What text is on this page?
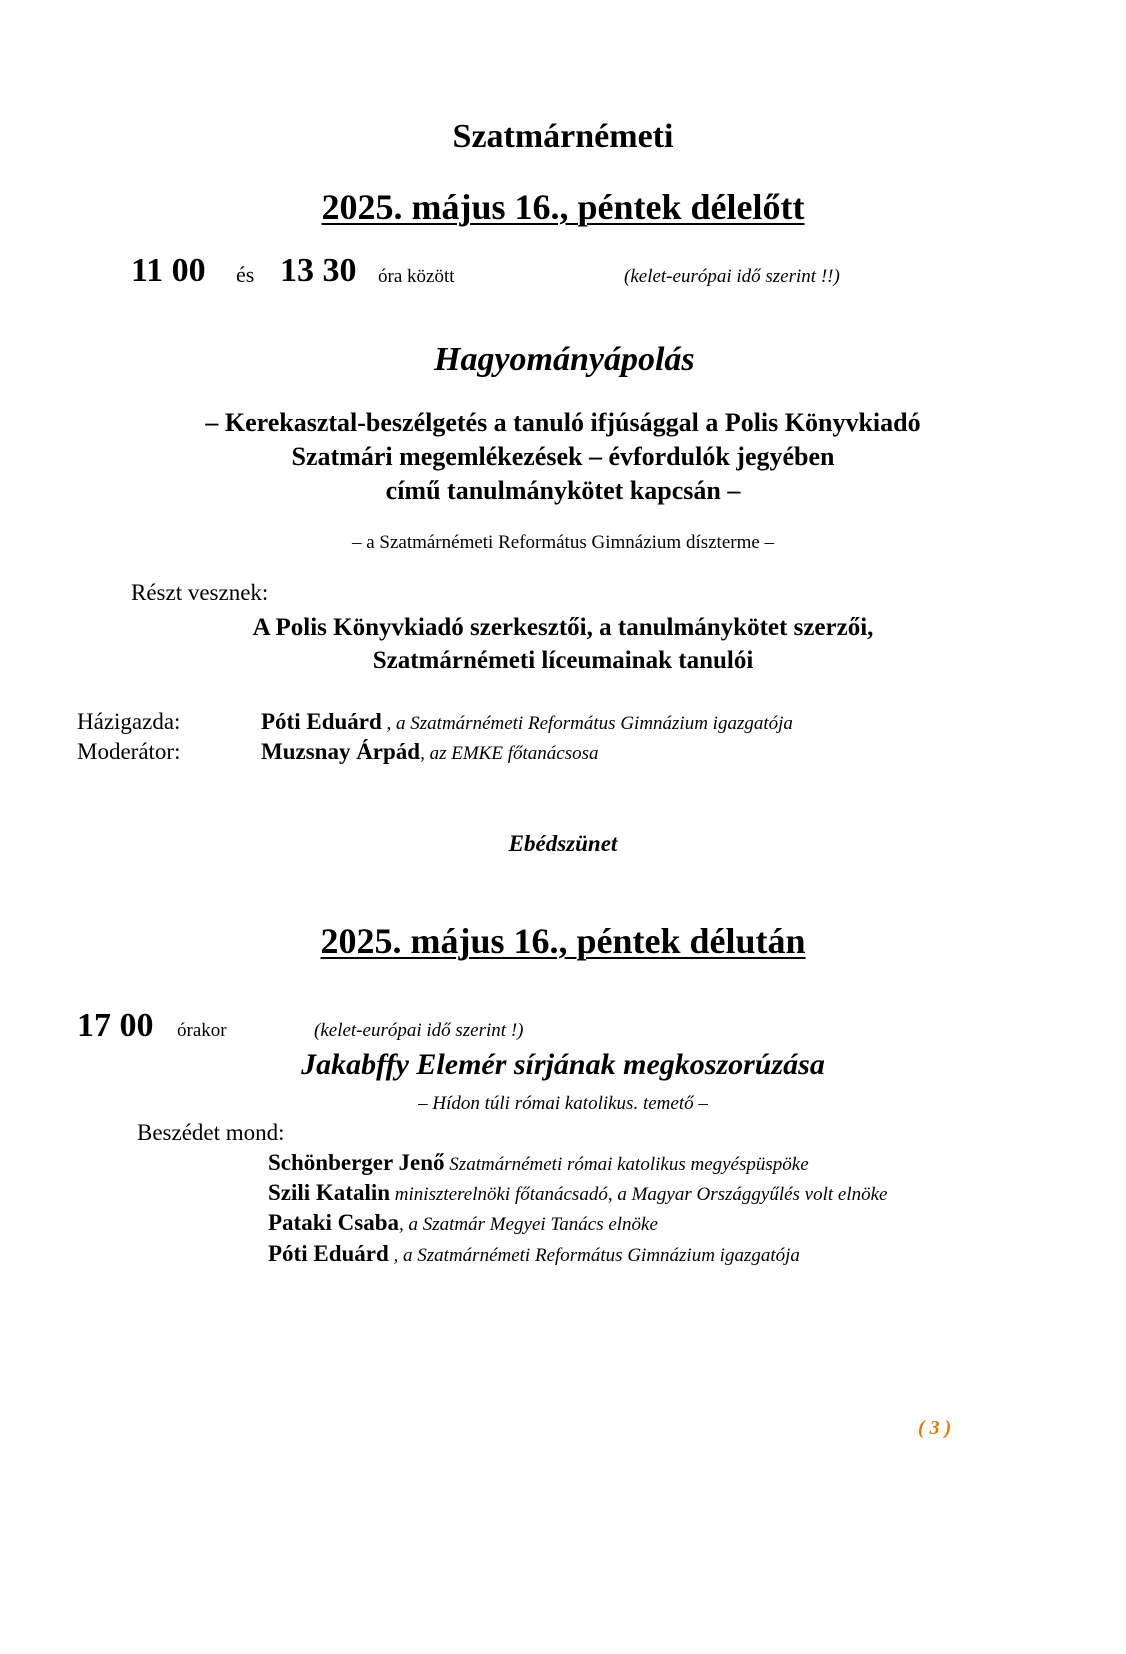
Szatmárnémeti
2025. május 16., péntek délelőtt
11 00 és 13 30 óra között	(kelet-európai idő szerint !!)
Hagyományápolás
– Kerekasztal-beszélgetés a tanuló ifjúsággal a Polis Könyvkiadó
Szatmári megemlékezések – évfordulók jegyében
című tanulmánykötet kapcsán –
– a Szatmárnémeti Református Gimnázium díszterme –
Részt vesznek:
A Polis Könyvkiadó szerkesztői, a tanulmánykötet szerzői,
Szatmárnémeti líceumainak tanulói
Házigazda:	Póti Eduárd , a Szatmárnémeti Református Gimnázium igazgatója
Moderátor:	Muzsnay Árpád, az EMKE főtanácsosa
Ebédszünet
2025. május 16., péntek délután
17 00 órakor	(kelet-európai idő szerint !)
Jakabffy Elemér sírjának megkoszorúzása
– Hídon túli római katolikus. temető –
Beszédet mond:
Schönberger Jenő Szatmárnémeti római katolikus megyéspüspöke
Szili Katalin miniszterelnöki főtanácsadó, a Magyar Országgyűlés volt elnöke
Pataki Csaba, a Szatmár Megyei Tanács elnöke
Póti Eduárd , a Szatmárnémeti Református Gimnázium igazgatója
( 3 )
